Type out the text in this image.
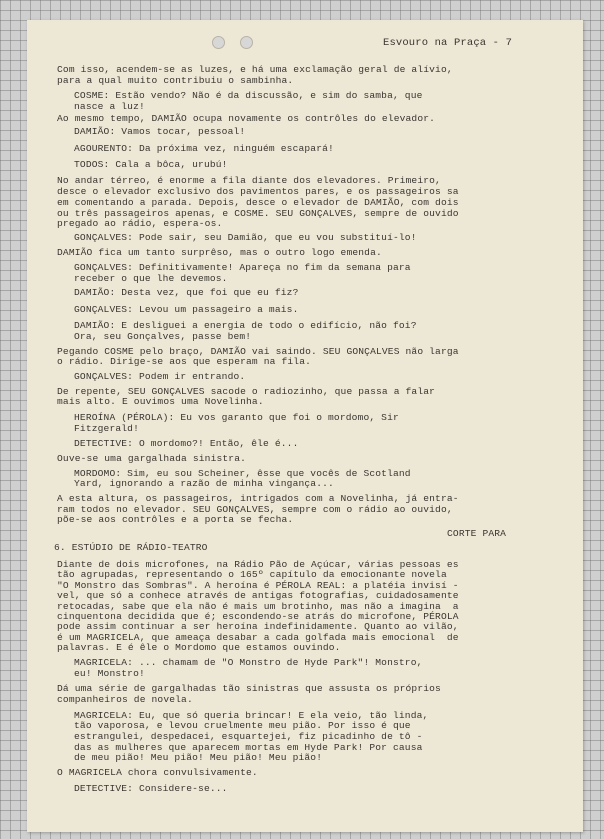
Esvouro na Praça - 7
Com isso, acendem-se as luzes, e há uma exclamação geral de alívio,
para a qual muito contribuiu o sambinha.
COSME: Estão vendo? Não é da discussão, e sim do samba, que
nasce a luz!
Ao mesmo tempo, DAMIÃO ocupa novamente os contrôles do elevador.
DAMIÃO: Vamos tocar, pessoal!
AGOURENTO: Da próxima vez, ninguém escapará!
TODOS: Cala a bôca, urubú!
No andar térreo, é enorme a fila diante dos elevadores. Primeiro,
desce o elevador exclusivo dos pavimentos pares, e os passageiros sa
em comentando a parada. Depois, desce o elevador de DAMIÃO, com dois
ou três passageiros apenas, e COSME. SEU GONÇALVES, sempre de ouvido
pregado ao rádio, espera-os.
GONÇALVES: Pode sair, seu Damião, que eu vou substituí-lo!
DAMIÃO fica um tanto surprêso, mas o outro logo emenda.
GONÇALVES: Definitivamente! Apareça no fim da semana para
receber o que lhe devemos.
DAMIÃO: Desta vez, que foi que eu fiz?
GONÇALVES: Levou um passageiro a mais.
DAMIÃO: E desliguei a energia de todo o edifício, não foi?
Ora, seu Gonçalves, passe bem!
Pegando COSME pelo braço, DAMIÃO vai saindo. SEU GONÇALVES não larga
o rádio. Dirige-se aos que esperam na fila.
GONÇALVES: Podem ir entrando.
De repente, SEU GONÇALVES sacode o radiozinho, que passa a falar
mais alto. E ouvimos uma Novelinha.
HEROÍNA (PÉROLA): Eu vos garanto que foi o mordomo, Sir
Fitzgerald!
DETECTIVE: O mordomo?! Então, êle é...
Ouve-se uma gargalhada sinistra.
MORDOMO: Sim, eu sou Scheiner, êsse que vocês de Scotland
Yard, ignorando a razão de minha vingança...
A esta altura, os passageiros, intrigados com a Novelinha, já entra-
ram todos no elevador. SEU GONÇALVES, sempre com o rádio ao ouvido,
põe-se aos contrôles e a porta se fecha.
Diante de dois microfones, na Rádio Pão de Açúcar, várias pessoas es
tão agrupadas, representando o 165º capítulo da emocionante novela
"O Monstro das Sombras". A heroína é PÉROLA REAL: a platéia invisí -
vel, que só a conhece através de antigas fotografias, cuidadosamente
retocadas, sabe que ela não é mais um brotinho, mas não a imagina  a
cinquentona decidida que é; escondendo-se atrás do microfone, PÉROLA
pode assim continuar a ser heroína indefinidamente. Quanto ao vilão,
é um MAGRICELA, que ameaça desabar a cada golfada mais emocional  de
palavras. E é êle o Mordomo que estamos ouvindo.
MAGRICELA: ... chamam de "O Monstro de Hyde Park"! Monstro,
eu! Monstro!
Dá uma série de gargalhadas tão sinistras que assusta os próprios
companheiros de novela.
MAGRICELA: Eu, que só queria brincar! E ela veio, tão linda,
tão vaporosa, e levou cruelmente meu pião. Por isso é que
estrangulei, despedacei, esquartejei, fiz picadinho de tô -
das as mulheres que aparecem mortas em Hyde Park! Por causa
de meu pião! Meu pião! Meu pião! Meu pião!
O MAGRICELA chora convulsivamente.
DETECTIVE: Considere-se...
CORTE PARA
6. ESTÚDIO DE RÁDIO-TEATRO
